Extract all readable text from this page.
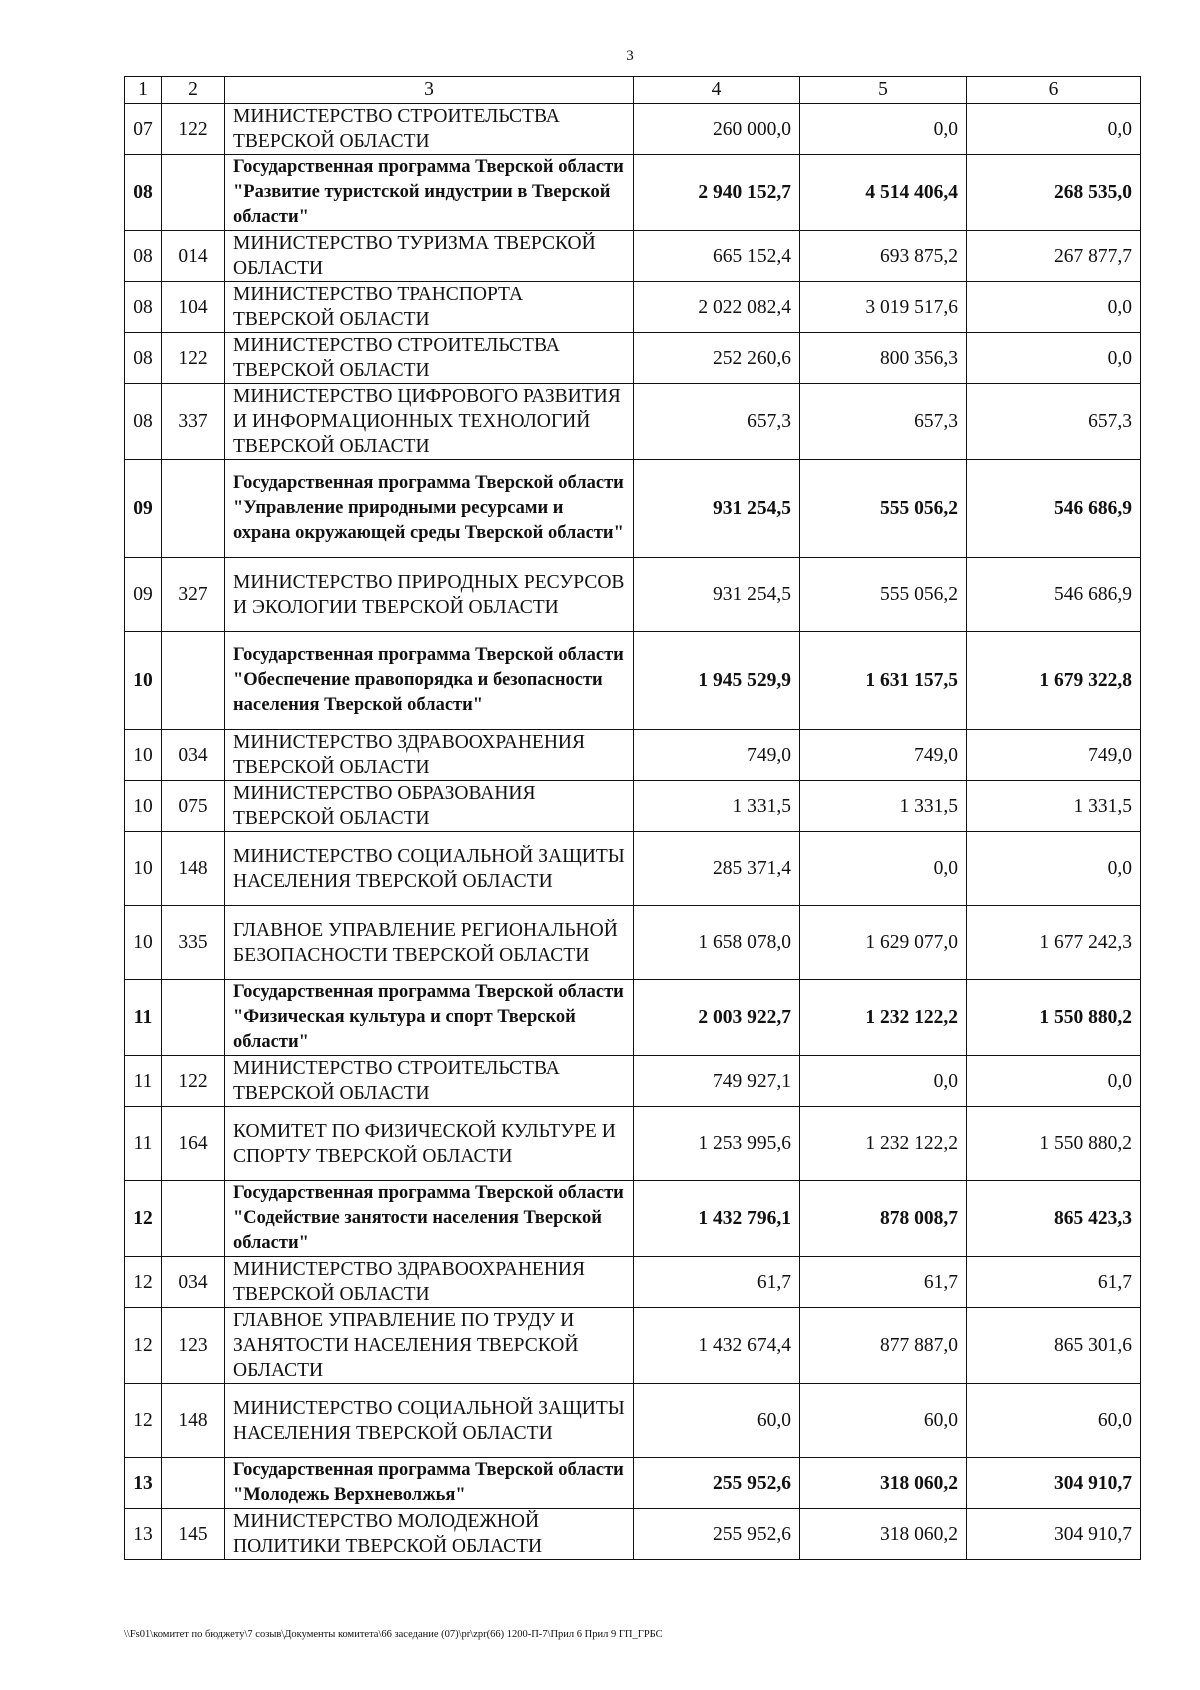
3
1	2	3	4	5	6
07	122	МИНИСТЕРСТВО СТРОИТЕЛЬСТВА ТВЕРСКОЙ ОБЛАСТИ	260 000,0	0,0	0,0
08		Государственная программа Тверской области "Развитие туристской индустрии в Тверской области"	2 940 152,7	4 514 406,4	268 535,0
08	014	МИНИСТЕРСТВО ТУРИЗМА ТВЕРСКОЙ ОБЛАСТИ	665 152,4	693 875,2	267 877,7
08	104	МИНИСТЕРСТВО ТРАНСПОРТА ТВЕРСКОЙ ОБЛАСТИ	2 022 082,4	3 019 517,6	0,0
08	122	МИНИСТЕРСТВО СТРОИТЕЛЬСТВА ТВЕРСКОЙ ОБЛАСТИ	252 260,6	800 356,3	0,0
08	337	МИНИСТЕРСТВО ЦИФРОВОГО РАЗВИТИЯ И ИНФОРМАЦИОННЫХ ТЕХНОЛОГИЙ ТВЕРСКОЙ ОБЛАСТИ	657,3	657,3	657,3
09		Государственная программа Тверской области "Управление природными ресурсами и охрана окружающей среды Тверской области"	931 254,5	555 056,2	546 686,9
09	327	МИНИСТЕРСТВО ПРИРОДНЫХ РЕСУРСОВ И ЭКОЛОГИИ ТВЕРСКОЙ ОБЛАСТИ	931 254,5	555 056,2	546 686,9
10		Государственная программа Тверской области "Обеспечение правопорядка и безопасности населения Тверской области"	1 945 529,9	1 631 157,5	1 679 322,8
10	034	МИНИСТЕРСТВО ЗДРАВООХРАНЕНИЯ ТВЕРСКОЙ ОБЛАСТИ	749,0	749,0	749,0
10	075	МИНИСТЕРСТВО ОБРАЗОВАНИЯ ТВЕРСКОЙ ОБЛАСТИ	1 331,5	1 331,5	1 331,5
10	148	МИНИСТЕРСТВО СОЦИАЛЬНОЙ ЗАЩИТЫ НАСЕЛЕНИЯ ТВЕРСКОЙ ОБЛАСТИ	285 371,4	0,0	0,0
10	335	ГЛАВНОЕ УПРАВЛЕНИЕ РЕГИОНАЛЬНОЙ БЕЗОПАСНОСТИ ТВЕРСКОЙ ОБЛАСТИ	1 658 078,0	1 629 077,0	1 677 242,3
11		Государственная программа Тверской области "Физическая культура и спорт Тверской области"	2 003 922,7	1 232 122,2	1 550 880,2
11	122	МИНИСТЕРСТВО СТРОИТЕЛЬСТВА ТВЕРСКОЙ ОБЛАСТИ	749 927,1	0,0	0,0
11	164	КОМИТЕТ ПО ФИЗИЧЕСКОЙ КУЛЬТУРЕ И СПОРТУ ТВЕРСКОЙ ОБЛАСТИ	1 253 995,6	1 232 122,2	1 550 880,2
12		Государственная программа Тверской области "Содействие занятости населения Тверской области"	1 432 796,1	878 008,7	865 423,3
12	034	МИНИСТЕРСТВО ЗДРАВООХРАНЕНИЯ ТВЕРСКОЙ ОБЛАСТИ	61,7	61,7	61,7
12	123	ГЛАВНОЕ УПРАВЛЕНИЕ ПО ТРУДУ И ЗАНЯТОСТИ НАСЕЛЕНИЯ ТВЕРСКОЙ ОБЛАСТИ	1 432 674,4	877 887,0	865 301,6
12	148	МИНИСТЕРСТВО СОЦИАЛЬНОЙ ЗАЩИТЫ НАСЕЛЕНИЯ ТВЕРСКОЙ ОБЛАСТИ	60,0	60,0	60,0
13		Государственная программа Тверской области "Молодежь Верхневолжья"	255 952,6	318 060,2	304 910,7
13	145	МИНИСТЕРСТВО МОЛОДЕЖНОЙ ПОЛИТИКИ ТВЕРСКОЙ ОБЛАСТИ	255 952,6	318 060,2	304 910,7
\\Fs01\комитет по бюджету\7 созыв\Документы комитета\66 заседание (07)\pr\zpr(66) 1200-П-7\Прил 6 Прил 9 ГП_ГРБС
